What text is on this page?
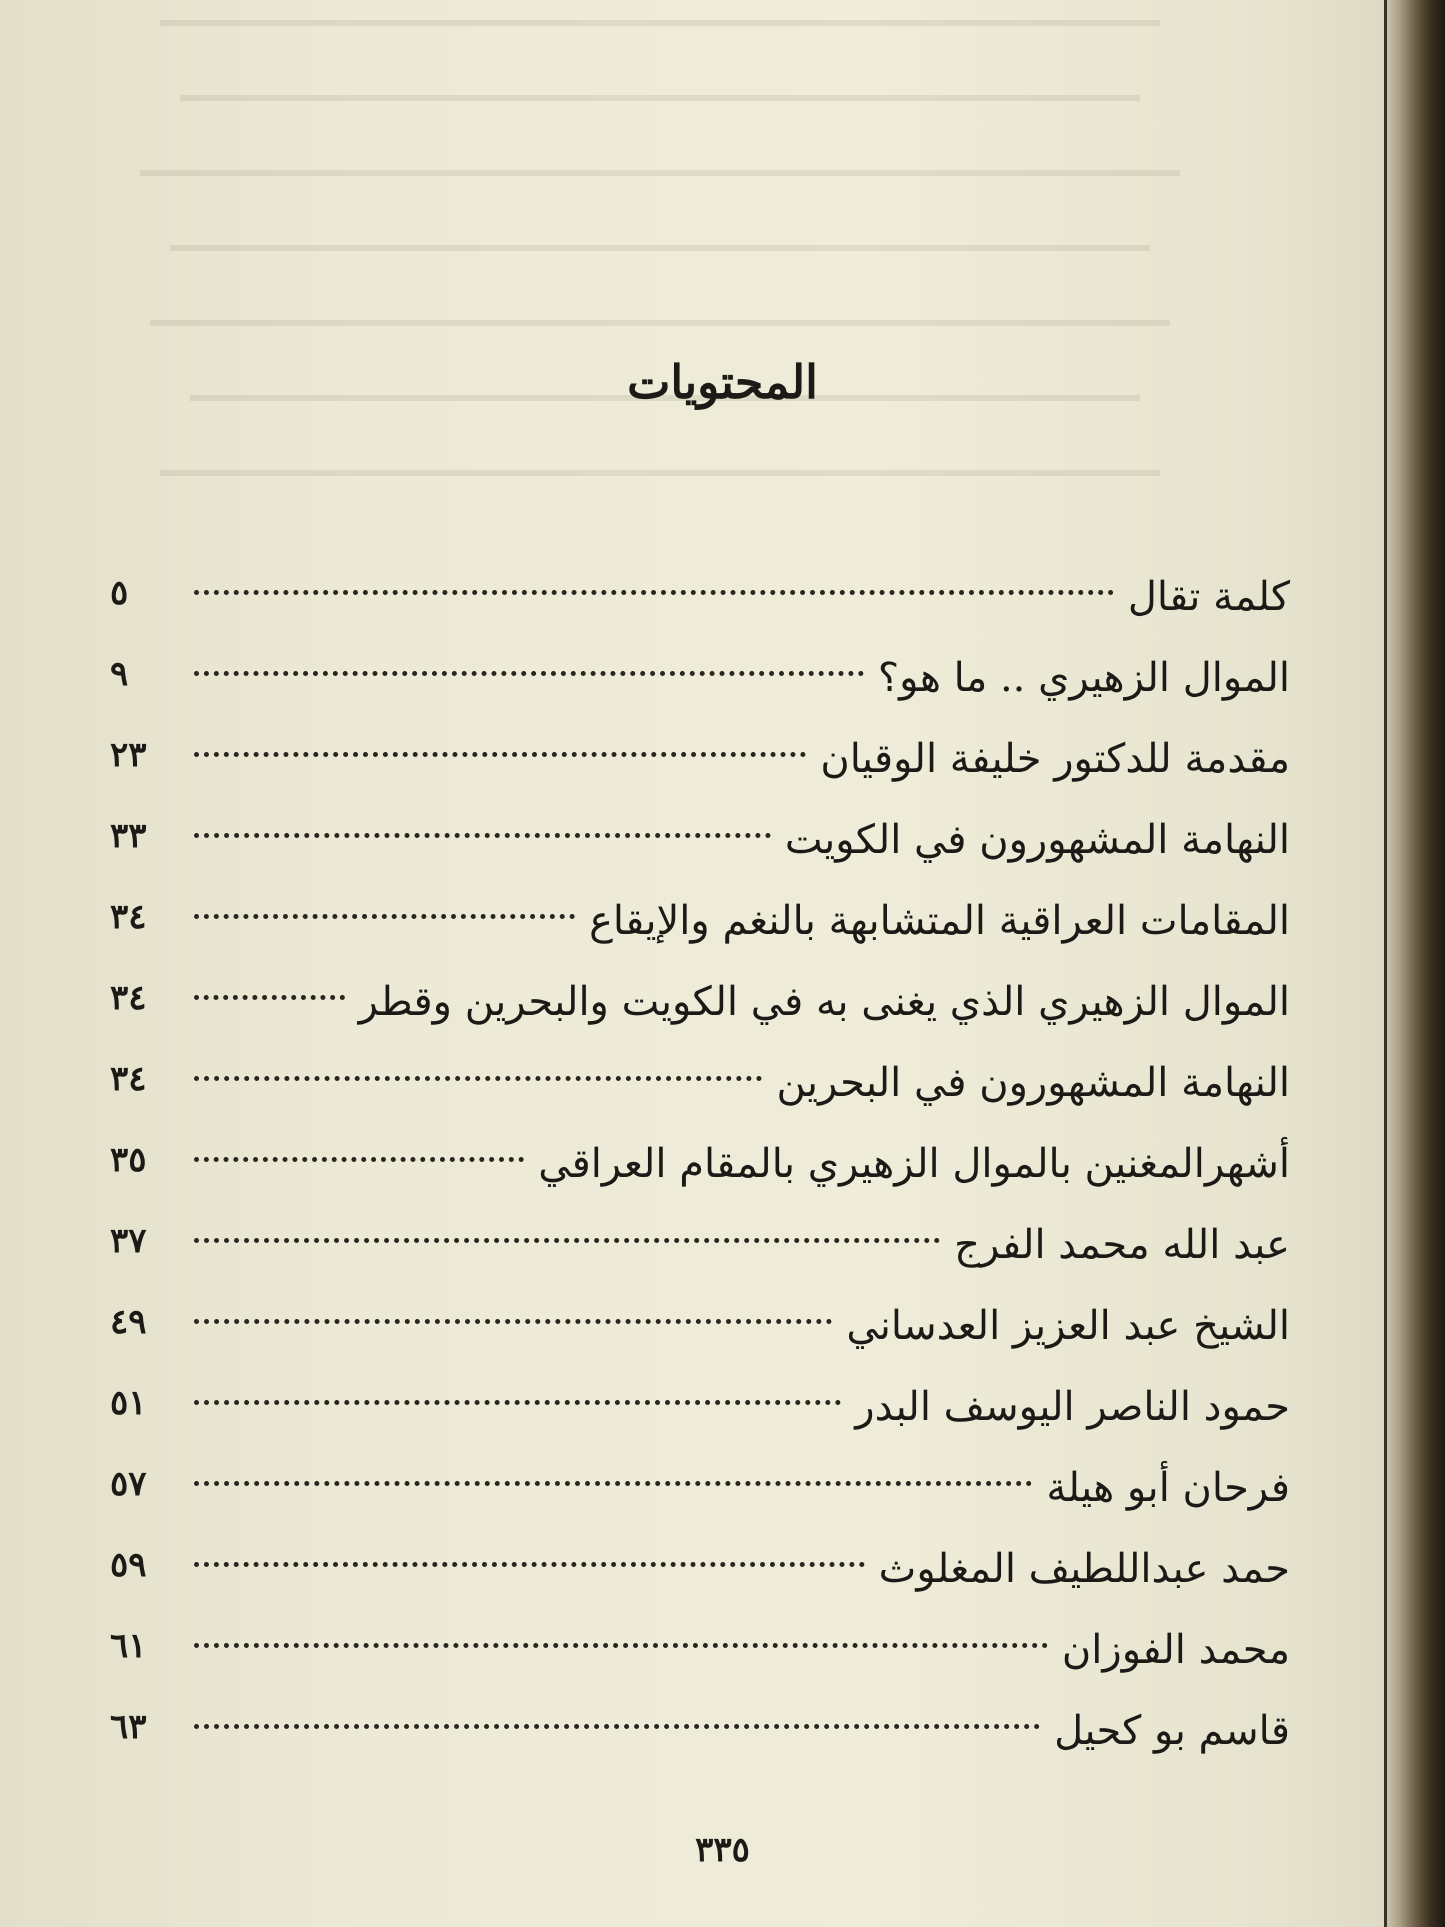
المحتويات
كلمة تقال
٥
الموال الزهيري .. ما هو؟
٩
مقدمة للدكتور خليفة الوقيان
٢٣
النهامة المشهورون في الكويت
٣٣
المقامات العراقية المتشابهة بالنغم والإيقاع
٣٤
الموال الزهيري الذي يغنى به في الكويت والبحرين وقطر
٣٤
النهامة المشهورون في البحرين
٣٤
أشهرالمغنين بالموال الزهيري بالمقام العراقي
٣٥
عبد الله محمد الفرج
٣٧
الشيخ عبد العزيز العدساني
٤٩
حمود الناصر اليوسف البدر
٥١
فرحان أبو هيلة
٥٧
حمد عبداللطيف المغلوث
٥٩
محمد الفوزان
٦١
قاسم بو كحيل
٦٣
٣٣٥
